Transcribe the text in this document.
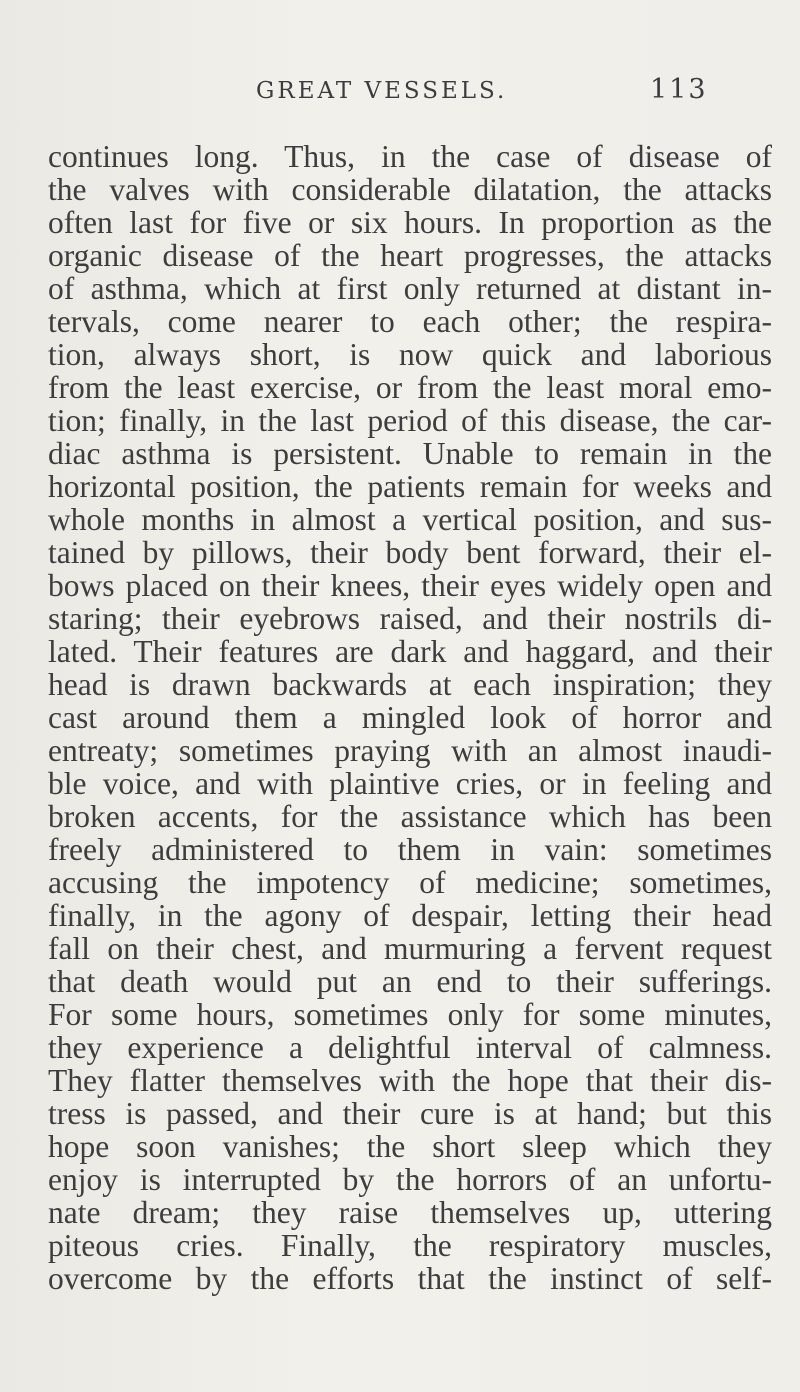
GREAT VESSELS.	113
continues long. Thus, in the case of disease of
the valves with considerable dilatation, the attacks
often last for five or six hours. In proportion as the
organic disease of the heart progresses, the attacks
of asthma, which at first only returned at distant in-
tervals, come nearer to each other; the respira-
tion, always short, is now quick and laborious
from the least exercise, or from the least moral emo-
tion; finally, in the last period of this disease, the car-
diac asthma is persistent. Unable to remain in the
horizontal position, the patients remain for weeks and
whole months in almost a vertical position, and sus-
tained by pillows, their body bent forward, their el-
bows placed on their knees, their eyes widely open and
staring; their eyebrows raised, and their nostrils di-
lated. Their features are dark and haggard, and their
head is drawn backwards at each inspiration; they
cast around them a mingled look of horror and
entreaty; sometimes praying with an almost inaudi-
ble voice, and with plaintive cries, or in feeling and
broken accents, for the assistance which has been
freely administered to them in vain: sometimes
accusing the impotency of medicine; sometimes,
finally, in the agony of despair, letting their head
fall on their chest, and murmuring a fervent request
that death would put an end to their sufferings.
For some hours, sometimes only for some minutes,
they experience a delightful interval of calmness.
They flatter themselves with the hope that their dis-
tress is passed, and their cure is at hand; but this
hope soon vanishes; the short sleep which they
enjoy is interrupted by the horrors of an unfortu-
nate dream; they raise themselves up, uttering
piteous cries. Finally, the respiratory muscles,
overcome by the efforts that the instinct of self-
